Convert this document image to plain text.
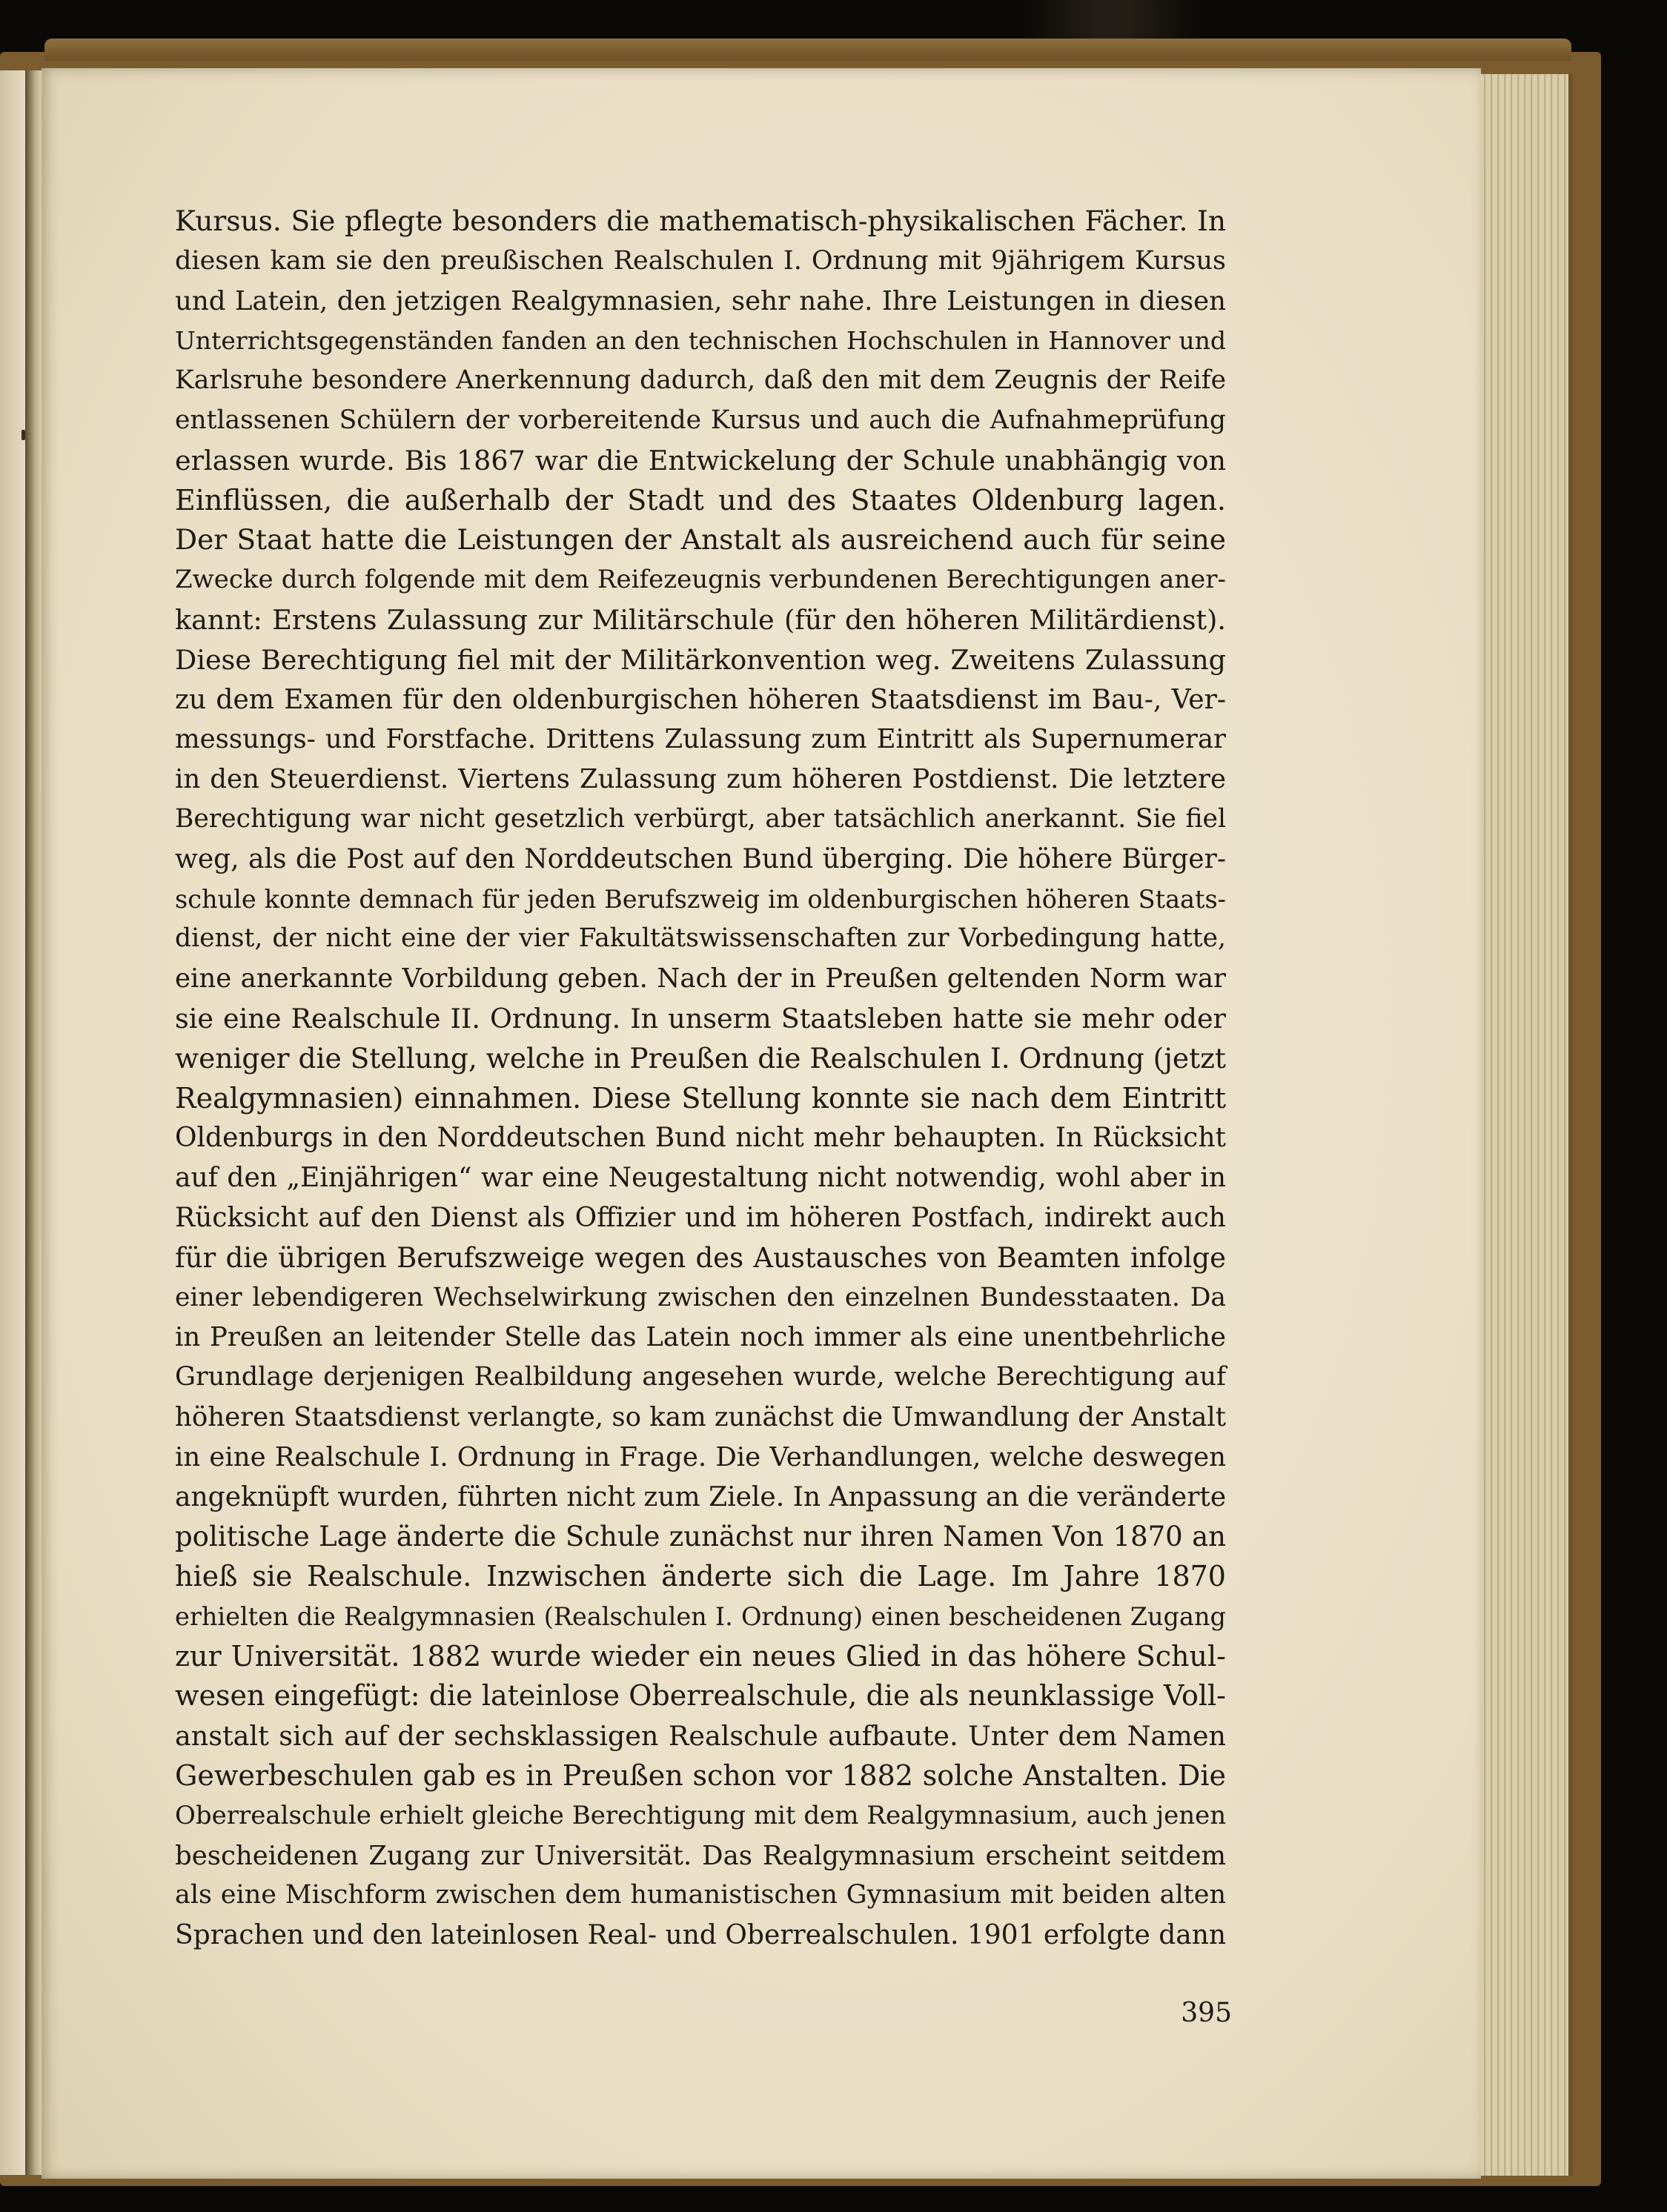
Kursus. Sie pflegte besonders die mathematisch-physikalischen Fächer. In
diesen kam sie den preußischen Realschulen I. Ordnung mit 9jährigem Kursus
und Latein, den jetzigen Realgymnasien, sehr nahe. Ihre Leistungen in diesen
Unterrichtsgegenständen fanden an den technischen Hochschulen in Hannover und
Karlsruhe besondere Anerkennung dadurch, daß den mit dem Zeugnis der Reife
entlassenen Schülern der vorbereitende Kursus und auch die Aufnahmeprüfung
erlassen wurde. Bis 1867 war die Entwickelung der Schule unabhängig von
Einflüssen, die außerhalb der Stadt und des Staates Oldenburg lagen.
Der Staat hatte die Leistungen der Anstalt als ausreichend auch für seine
Zwecke durch folgende mit dem Reifezeugnis verbundenen Berechtigungen aner-
kannt: Erstens Zulassung zur Militärschule (für den höheren Militärdienst).
Diese Berechtigung fiel mit der Militärkonvention weg. Zweitens Zulassung
zu dem Examen für den oldenburgischen höheren Staatsdienst im Bau-, Ver-
messungs- und Forstfache. Drittens Zulassung zum Eintritt als Supernumerar
in den Steuerdienst. Viertens Zulassung zum höheren Postdienst. Die letztere
Berechtigung war nicht gesetzlich verbürgt, aber tatsächlich anerkannt. Sie fiel
weg, als die Post auf den Norddeutschen Bund überging. Die höhere Bürger-
schule konnte demnach für jeden Berufszweig im oldenburgischen höheren Staats-
dienst, der nicht eine der vier Fakultätswissenschaften zur Vorbedingung hatte,
eine anerkannte Vorbildung geben. Nach der in Preußen geltenden Norm war
sie eine Realschule II. Ordnung. In unserm Staatsleben hatte sie mehr oder
weniger die Stellung, welche in Preußen die Realschulen I. Ordnung (jetzt
Realgymnasien) einnahmen. Diese Stellung konnte sie nach dem Eintritt
Oldenburgs in den Norddeutschen Bund nicht mehr behaupten. In Rücksicht
auf den „Einjährigen“ war eine Neugestaltung nicht notwendig, wohl aber in
Rücksicht auf den Dienst als Offizier und im höheren Postfach, indirekt auch
für die übrigen Berufszweige wegen des Austausches von Beamten infolge
einer lebendigeren Wechselwirkung zwischen den einzelnen Bundesstaaten. Da
in Preußen an leitender Stelle das Latein noch immer als eine unentbehrliche
Grundlage derjenigen Realbildung angesehen wurde, welche Berechtigung auf
höheren Staatsdienst verlangte, so kam zunächst die Umwandlung der Anstalt
in eine Realschule I. Ordnung in Frage. Die Verhandlungen, welche deswegen
angeknüpft wurden, führten nicht zum Ziele. In Anpassung an die veränderte
politische Lage änderte die Schule zunächst nur ihren Namen Von 1870 an
hieß sie Realschule. Inzwischen änderte sich die Lage. Im Jahre 1870
erhielten die Realgymnasien (Realschulen I. Ordnung) einen bescheidenen Zugang
zur Universität. 1882 wurde wieder ein neues Glied in das höhere Schul-
wesen eingefügt: die lateinlose Oberrealschule, die als neunklassige Voll-
anstalt sich auf der sechsklassigen Realschule aufbaute. Unter dem Namen
Gewerbeschulen gab es in Preußen schon vor 1882 solche Anstalten. Die
Oberrealschule erhielt gleiche Berechtigung mit dem Realgymnasium, auch jenen
bescheidenen Zugang zur Universität. Das Realgymnasium erscheint seitdem
als eine Mischform zwischen dem humanistischen Gymnasium mit beiden alten
Sprachen und den lateinlosen Real- und Oberrealschulen. 1901 erfolgte dann
395
